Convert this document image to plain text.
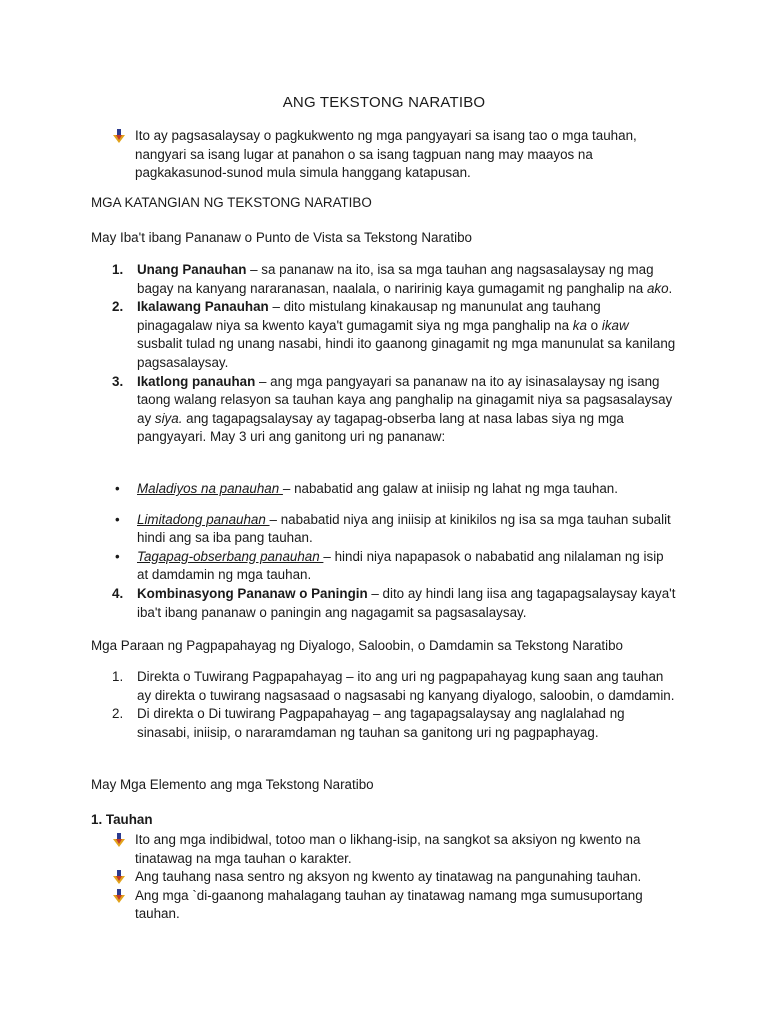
ANG TEKSTONG NARATIBO
Ito ay pagsasalaysay o pagkukwento ng mga pangyayari sa isang tao o mga tauhan, nangyari sa isang lugar at panahon o sa isang tagpuan nang may maayos na pagkakasunod-sunod mula simula hanggang katapusan.
MGA KATANGIAN NG TEKSTONG NARATIBO
May Iba't ibang Pananaw o Punto de Vista sa Tekstong Naratibo
1. Unang Panauhan – sa pananaw na ito, isa sa mga tauhan ang nagsasalaysay ng mag bagay na kanyang nararanasan, naalala, o naririnig kaya gumagamit ng panghalip na ako.
2. Ikalawang Panauhan – dito mistulang kinakausap ng manunulat ang tauhang pinagagalaw niya sa kwento kaya't gumagamit siya ng mga panghalip na ka o ikaw susbalit tulad ng unang nasabi, hindi ito gaanong ginagamit ng mga manunulat sa kanilang pagsasalaysay.
3. Ikatlong panauhan – ang mga pangyayari sa pananaw na ito ay isinasalaysay ng isang taong walang relasyon sa tauhan kaya ang panghalip na ginagamit niya sa pagsasalaysay ay siya. ang tagapagsalaysay ay tagapag-obserba lang at nasa labas siya ng mga pangyayari. May 3 uri ang ganitong uri ng pananaw:
• Maladiyos na panauhan – nababatid ang galaw at iniisip ng lahat ng mga tauhan.
• Limitadong panauhan – nababatid niya ang iniisip at kinikilos ng isa sa mga tauhan subalit hindi ang sa iba pang tauhan.
• Tagapag-obserbang panauhan – hindi niya napapasok o nababatid ang nilalaman ng isip at damdamin ng mga tauhan.
4. Kombinasyong Pananaw o Paningin – dito ay hindi lang iisa ang tagapagsalaysay kaya't iba't ibang pananaw o paningin ang nagagamit sa pagsasalaysay.
Mga Paraan ng Pagpapahayag ng Diyalogo, Saloobin, o Damdamin sa Tekstong Naratibo
1. Direkta o Tuwirang Pagpapahayag – ito ang uri ng pagpapahayag kung saan ang tauhan ay direkta o tuwirang nagsasaad o nagsasabi ng kanyang diyalogo, saloobin, o damdamin.
2. Di direkta o Di tuwirang Pagpapahayag – ang tagapagsalaysay ang naglalahad ng sinasabi, iniisip, o nararamdaman ng tauhan sa ganitong uri ng pagpaphayag.
May Mga Elemento ang mga Tekstong Naratibo
1. Tauhan
Ito ang mga indibidwal, totoo man o likhang-isip, na sangkot sa aksiyon ng kwento na tinatawag na mga tauhan o karakter.
Ang tauhang nasa sentro ng aksyon ng kwento ay tinatawag na pangunahing tauhan.
Ang mga `di-gaanong mahalagang tauhan ay tinatawag namang mga sumusuportang tauhan.
